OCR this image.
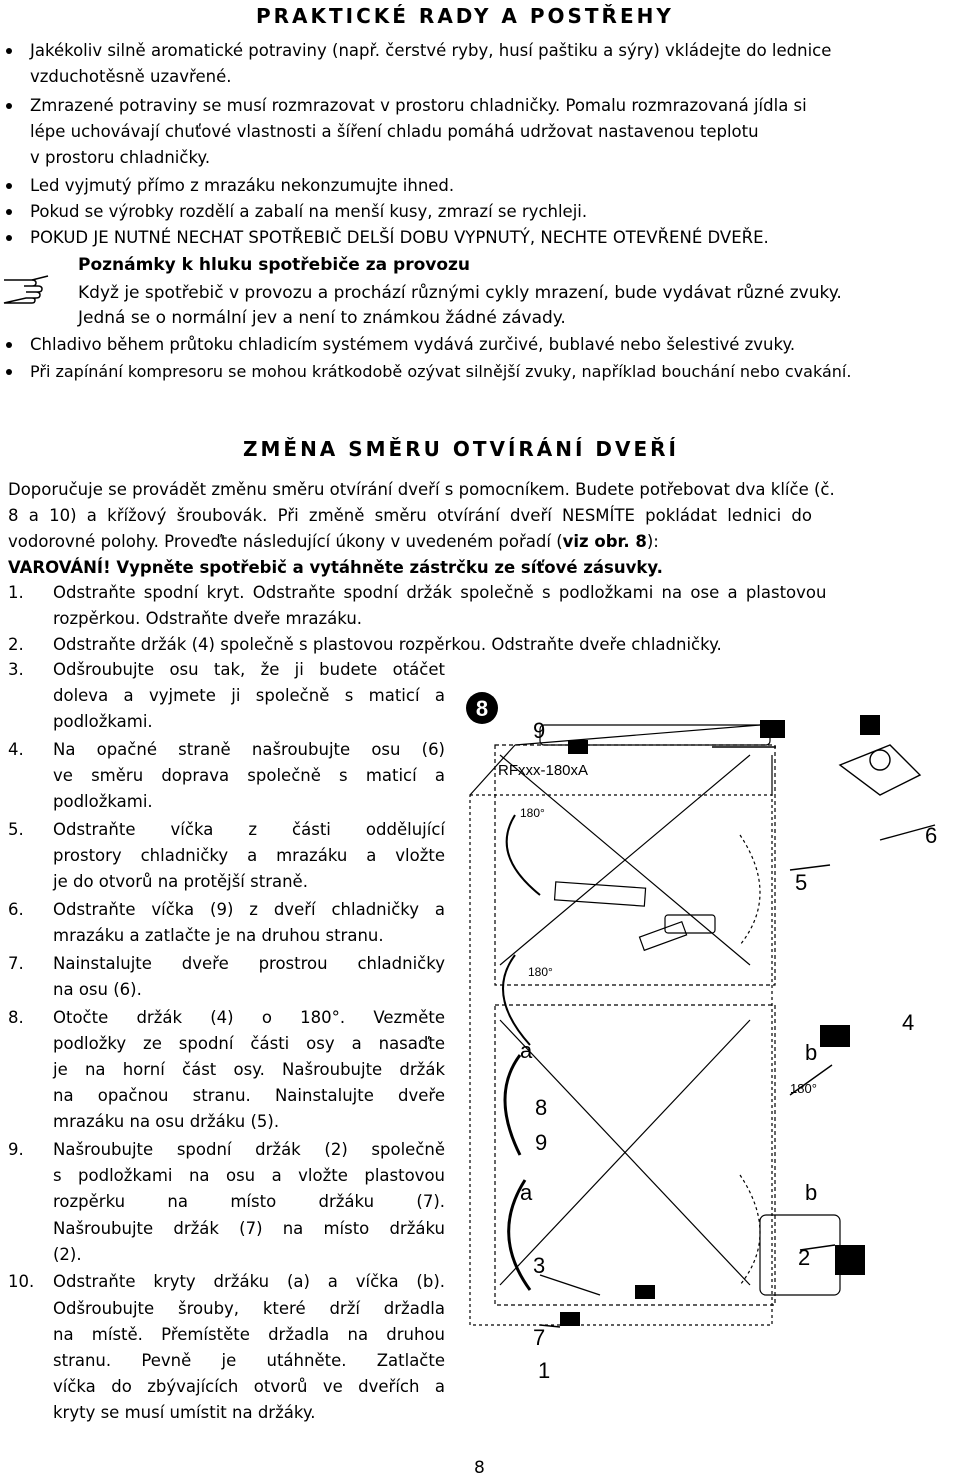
PRAKTICKÉ RADY A POSTŘEHY
Jakékoliv silně aromatické potraviny (např. čerstvé ryby, husí paštiku a sýry) vkládejte do lednice
vzduchotěsně uzavřené.
Zmrazené potraviny se musí rozmrazovat v prostoru chladničky. Pomalu rozmrazovaná jídla si
lépe uchovávají chuťové vlastnosti a šíření chladu pomáhá udržovat nastavenou teplotu
v prostoru chladničky.
Led vyjmutý přímo z mrazáku nekonzumujte ihned.
Pokud se výrobky rozdělí a zabalí na menší kusy, zmrazí se rychleji.
POKUD JE NUTNÉ NECHAT SPOTŘEBIČ DELŠÍ DOBU VYPNUTÝ, NECHTE OTEVŘENÉ DVEŘE.
Poznámky k hluku spotřebiče za provozu
Když je spotřebič v provozu a prochází různými cykly mrazení, bude vydávat různé zvuky.
Jedná se o normální jev a není to známkou žádné závady.
Chladivo během průtoku chladicím systémem vydává zurčivé, bublavé nebo šelestivé zvuky.
Při zapínání kompresoru se mohou krátkodobě ozývat silnější zvuky, například bouchání nebo cvakání.
ZMĚNA SMĚRU OTVÍRÁNÍ DVEŘÍ
Doporučuje se provádět změnu směru otvírání dveří s pomocníkem. Budete potřebovat dva klíče (č.
8 a 10) a křížový šroubovák. Při změně směru otvírání dveří NESMÍTE pokládat lednici do
vodorovné polohy. Proveďte následující úkony v uvedeném pořadí (viz obr. 8):
VAROVÁNÍ! Vypněte spotřebič a vytáhněte zástrčku ze síťové zásuvky.
1. Odstraňte spodní kryt. Odstraňte spodní držák společně s podložkami na ose a plastovou
rozpěrkou. Odstraňte dveře mrazáku.
2. Odstraňte držák (4) společně s plastovou rozpěrkou. Odstraňte dveře chladničky.
3. Odšroubujte osu tak, že ji budete otáčet
doleva a vyjmete ji společně s maticí a
podložkami.
4. Na opačné straně našroubujte osu (6)
ve směru doprava společně s maticí a
podložkami.
5. Odstraňte víčka z části oddělující
prostory chladničky a mrazáku a vložte
je do otvorů na protější straně.
6. Odstraňte víčka (9) z dveří chladničky a
mrazáku a zatlačte je na druhou stranu.
7. Nainstalujte dveře prostrou chladničky
na osu (6).
8. Otočte držák (4) o 180°. Vezměte
podložky ze spodní části osy a nasaďte
je na horní část osy. Našroubujte držák
na opačnou stranu. Nainstalujte dveře
mrazáku na osu držáku (5).
9. Našroubujte spodní držák (2) společně
s podložkami na osu a vložte plastovou
rozpěrku na místo držáku (7).
Našroubujte držák (7) na místo držáku
(2).
10. Odstraňte kryty držáku (a) a víčka (b).
Odšroubujte šrouby, které drží držadla
na místě. Přemístěte držadla na druhou
stranu. Pevně je utáhněte. Zatlačte
víčka do zbývajících otvorů ve dveřích a
kryty se musí umístit na držáky.
8
RFxxx-180xA
9
6
5
4
a	b
180°
8
9
a	b
2
3
7
1
180°
180°
8
